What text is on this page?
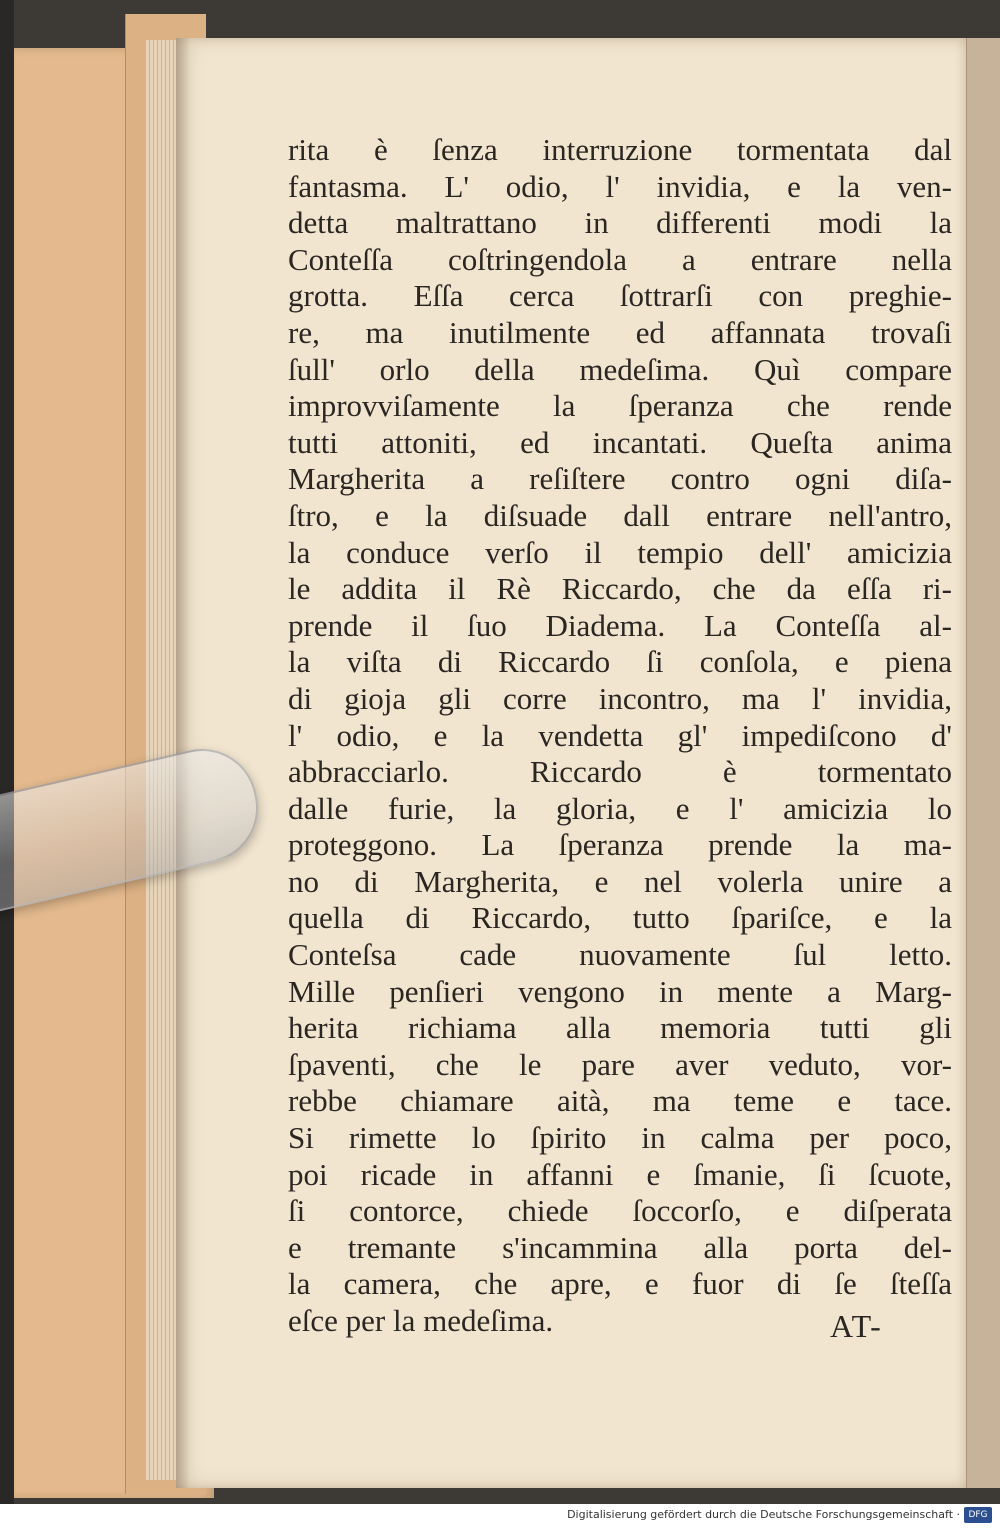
rita è ſenza interruzione tormentata dal
fantasma. L' odio, l' invidia, e la ven-
detta maltrattano in differenti modi la
Conteſſa coſtringendola a entrare nella
grotta. Eſſa cerca ſottrarſi con preghie-
re, ma inutilmente ed affannata trovaſi
ſull' orlo della medeſima. Quì compare
improvviſamente la ſperanza che rende
tutti attoniti, ed incantati. Queſta anima
Margherita a reſiſtere contro ogni diſa-
ſtro, e la diſsuade dall entrare nell'antro,
la conduce verſo il tempio dell' amicizia
le addita il Rè Riccardo, che da eſſa ri-
prende il ſuo Diadema. La Conteſſa al-
la viſta di Riccardo ſi conſola, e piena
di gioja gli corre incontro, ma l' invidia,
l' odio, e la vendetta gl' impediſcono d'
abbracciarlo. Riccardo è tormentato
dalle furie, la gloria, e l' amicizia lo
proteggono. La ſperanza prende la ma-
no di Margherita, e nel volerla unire a
quella di Riccardo, tutto ſpariſce, e la
Conteſsa cade nuovamente ſul letto.
Mille penſieri vengono in mente a Marg-
herita richiama alla memoria tutti gli
ſpaventi, che le pare aver veduto, vor-
rebbe chiamare aità, ma teme e tace.
Si rimette lo ſpirito in calma per poco,
poi ricade in affanni e ſmanie, ſi ſcuote,
ſi contorce, chiede ſoccorſo, e diſperata
e tremante s'incammina alla porta del-
la camera, che apre, e fuor di ſe ſteſſa
eſce per la medeſima.	AT-
Digitalisierung gefördert durch die Deutsche Forschungsgemeinschaft · DFG
